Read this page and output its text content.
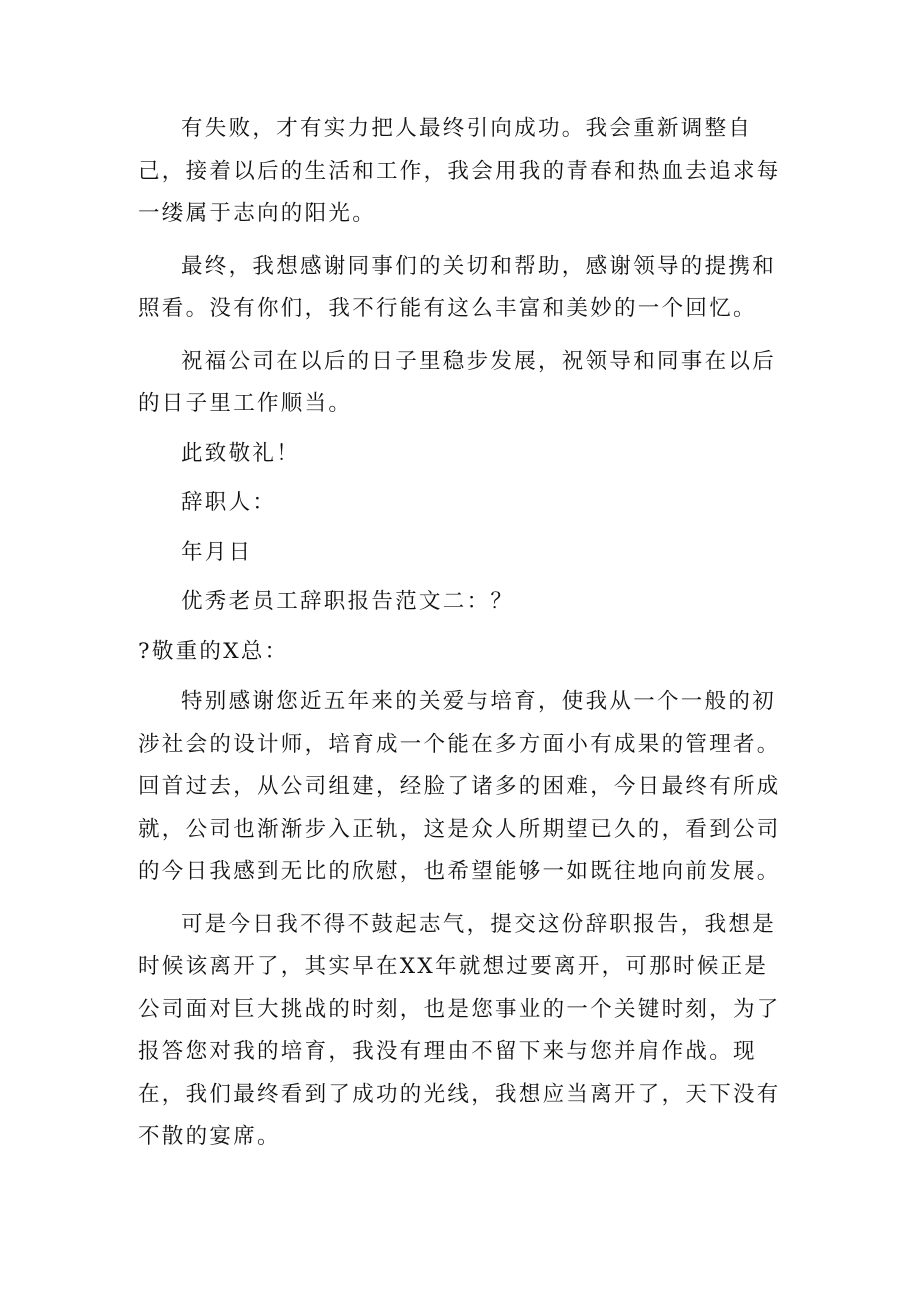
有失败，才有实力把人最终引向成功。我会重新调整自己，接着以后的生活和工作，我会用我的青春和热血去追求每一缕属于志向的阳光。

最终，我想感谢同事们的关切和帮助，感谢领导的提携和照看。没有你们，我不行能有这么丰富和美妙的一个回忆。

祝福公司在以后的日子里稳步发展，祝领导和同事在以后的日子里工作顺当。

此致敬礼！

辞职人：

年月日

优秀老员工辞职报告范文二：？

?敬重的X总：

特别感谢您近五年来的关爱与培育，使我从一个一般的初涉社会的设计师，培育成一个能在多方面小有成果的管理者。回首过去，从公司组建，经脸了诸多的困难，今日最终有所成就，公司也渐渐步入正轨，这是众人所期望已久的，看到公司的今日我感到无比的欣慰，也希望能够一如既往地向前发展。

可是今日我不得不鼓起志气，提交这份辞职报告，我想是时候该离开了，其实早在XX年就想过要离开，可那时候正是公司面对巨大挑战的时刻，也是您事业的一个关键时刻，为了报答您对我的培育，我没有理由不留下来与您并肩作战。现在，我们最终看到了成功的光线，我想应当离开了，天下没有不散的宴席。
